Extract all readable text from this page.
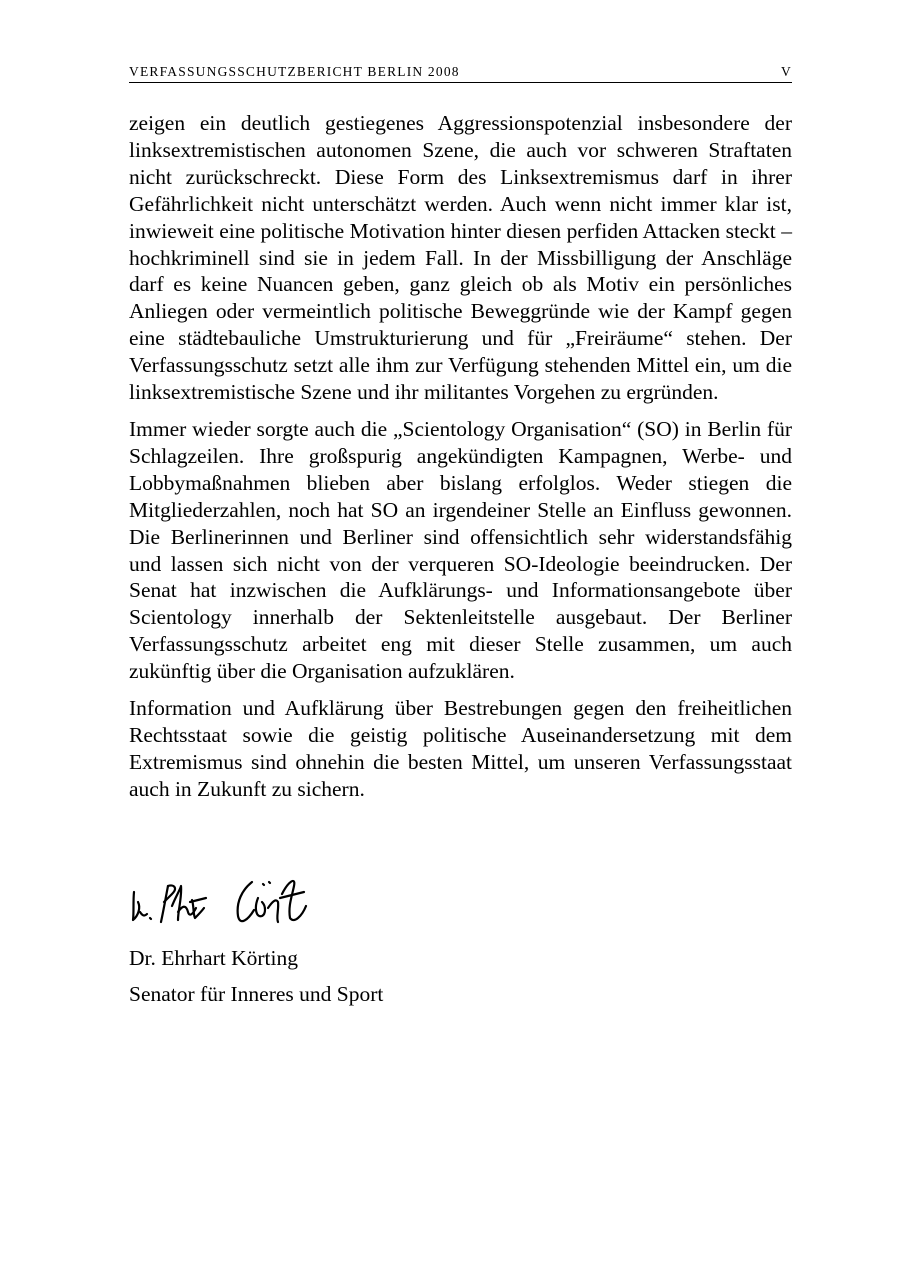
VERFASSUNGSSCHUTZBERICHT BERLIN 2008	V

zeigen ein deutlich gestiegenes Aggressionspotenzial insbesondere der linksextremistischen autonomen Szene, die auch vor schweren Straftaten nicht zurückschreckt. Diese Form des Linksextremismus darf in ihrer Gefährlichkeit nicht unterschätzt werden. Auch wenn nicht immer klar ist, inwieweit eine politische Motivation hinter diesen perfiden Attacken steckt – hochkriminell sind sie in jedem Fall. In der Missbilligung der Anschläge darf es keine Nuancen geben, ganz gleich ob als Motiv ein persönliches Anliegen oder vermeintlich politische Beweggründe wie der Kampf gegen eine städtebauliche Umstrukturierung und für „Freiräume“ stehen. Der Verfassungsschutz setzt alle ihm zur Verfügung stehenden Mittel ein, um die linksextremistische Szene und ihr militantes Vorgehen zu ergründen.

Immer wieder sorgte auch die „Scientology Organisation“ (SO) in Berlin für Schlagzeilen. Ihre großspurig angekündigten Kampagnen, Werbe- und Lobbymaßnahmen blieben aber bislang erfolglos. Weder stiegen die Mitgliederzahlen, noch hat SO an irgendeiner Stelle an Einfluss gewonnen. Die Berlinerinnen und Berliner sind offensichtlich sehr widerstandsfähig und lassen sich nicht von der verqueren SO-Ideologie beeindrucken. Der Senat hat inzwischen die Aufklärungs- und Informationsangebote über Scientology innerhalb der Sektenleitstelle ausgebaut. Der Berliner Verfassungsschutz arbeitet eng mit dieser Stelle zusammen, um auch zukünftig über die Organisation aufzuklären.

Information und Aufklärung über Bestrebungen gegen den freiheitlichen Rechtsstaat sowie die geistig politische Auseinandersetzung mit dem Extremismus sind ohnehin die besten Mittel, um unseren Verfassungsstaat auch in Zukunft zu sichern.

Dr. Ehrhart Körting
Senator für Inneres und Sport
